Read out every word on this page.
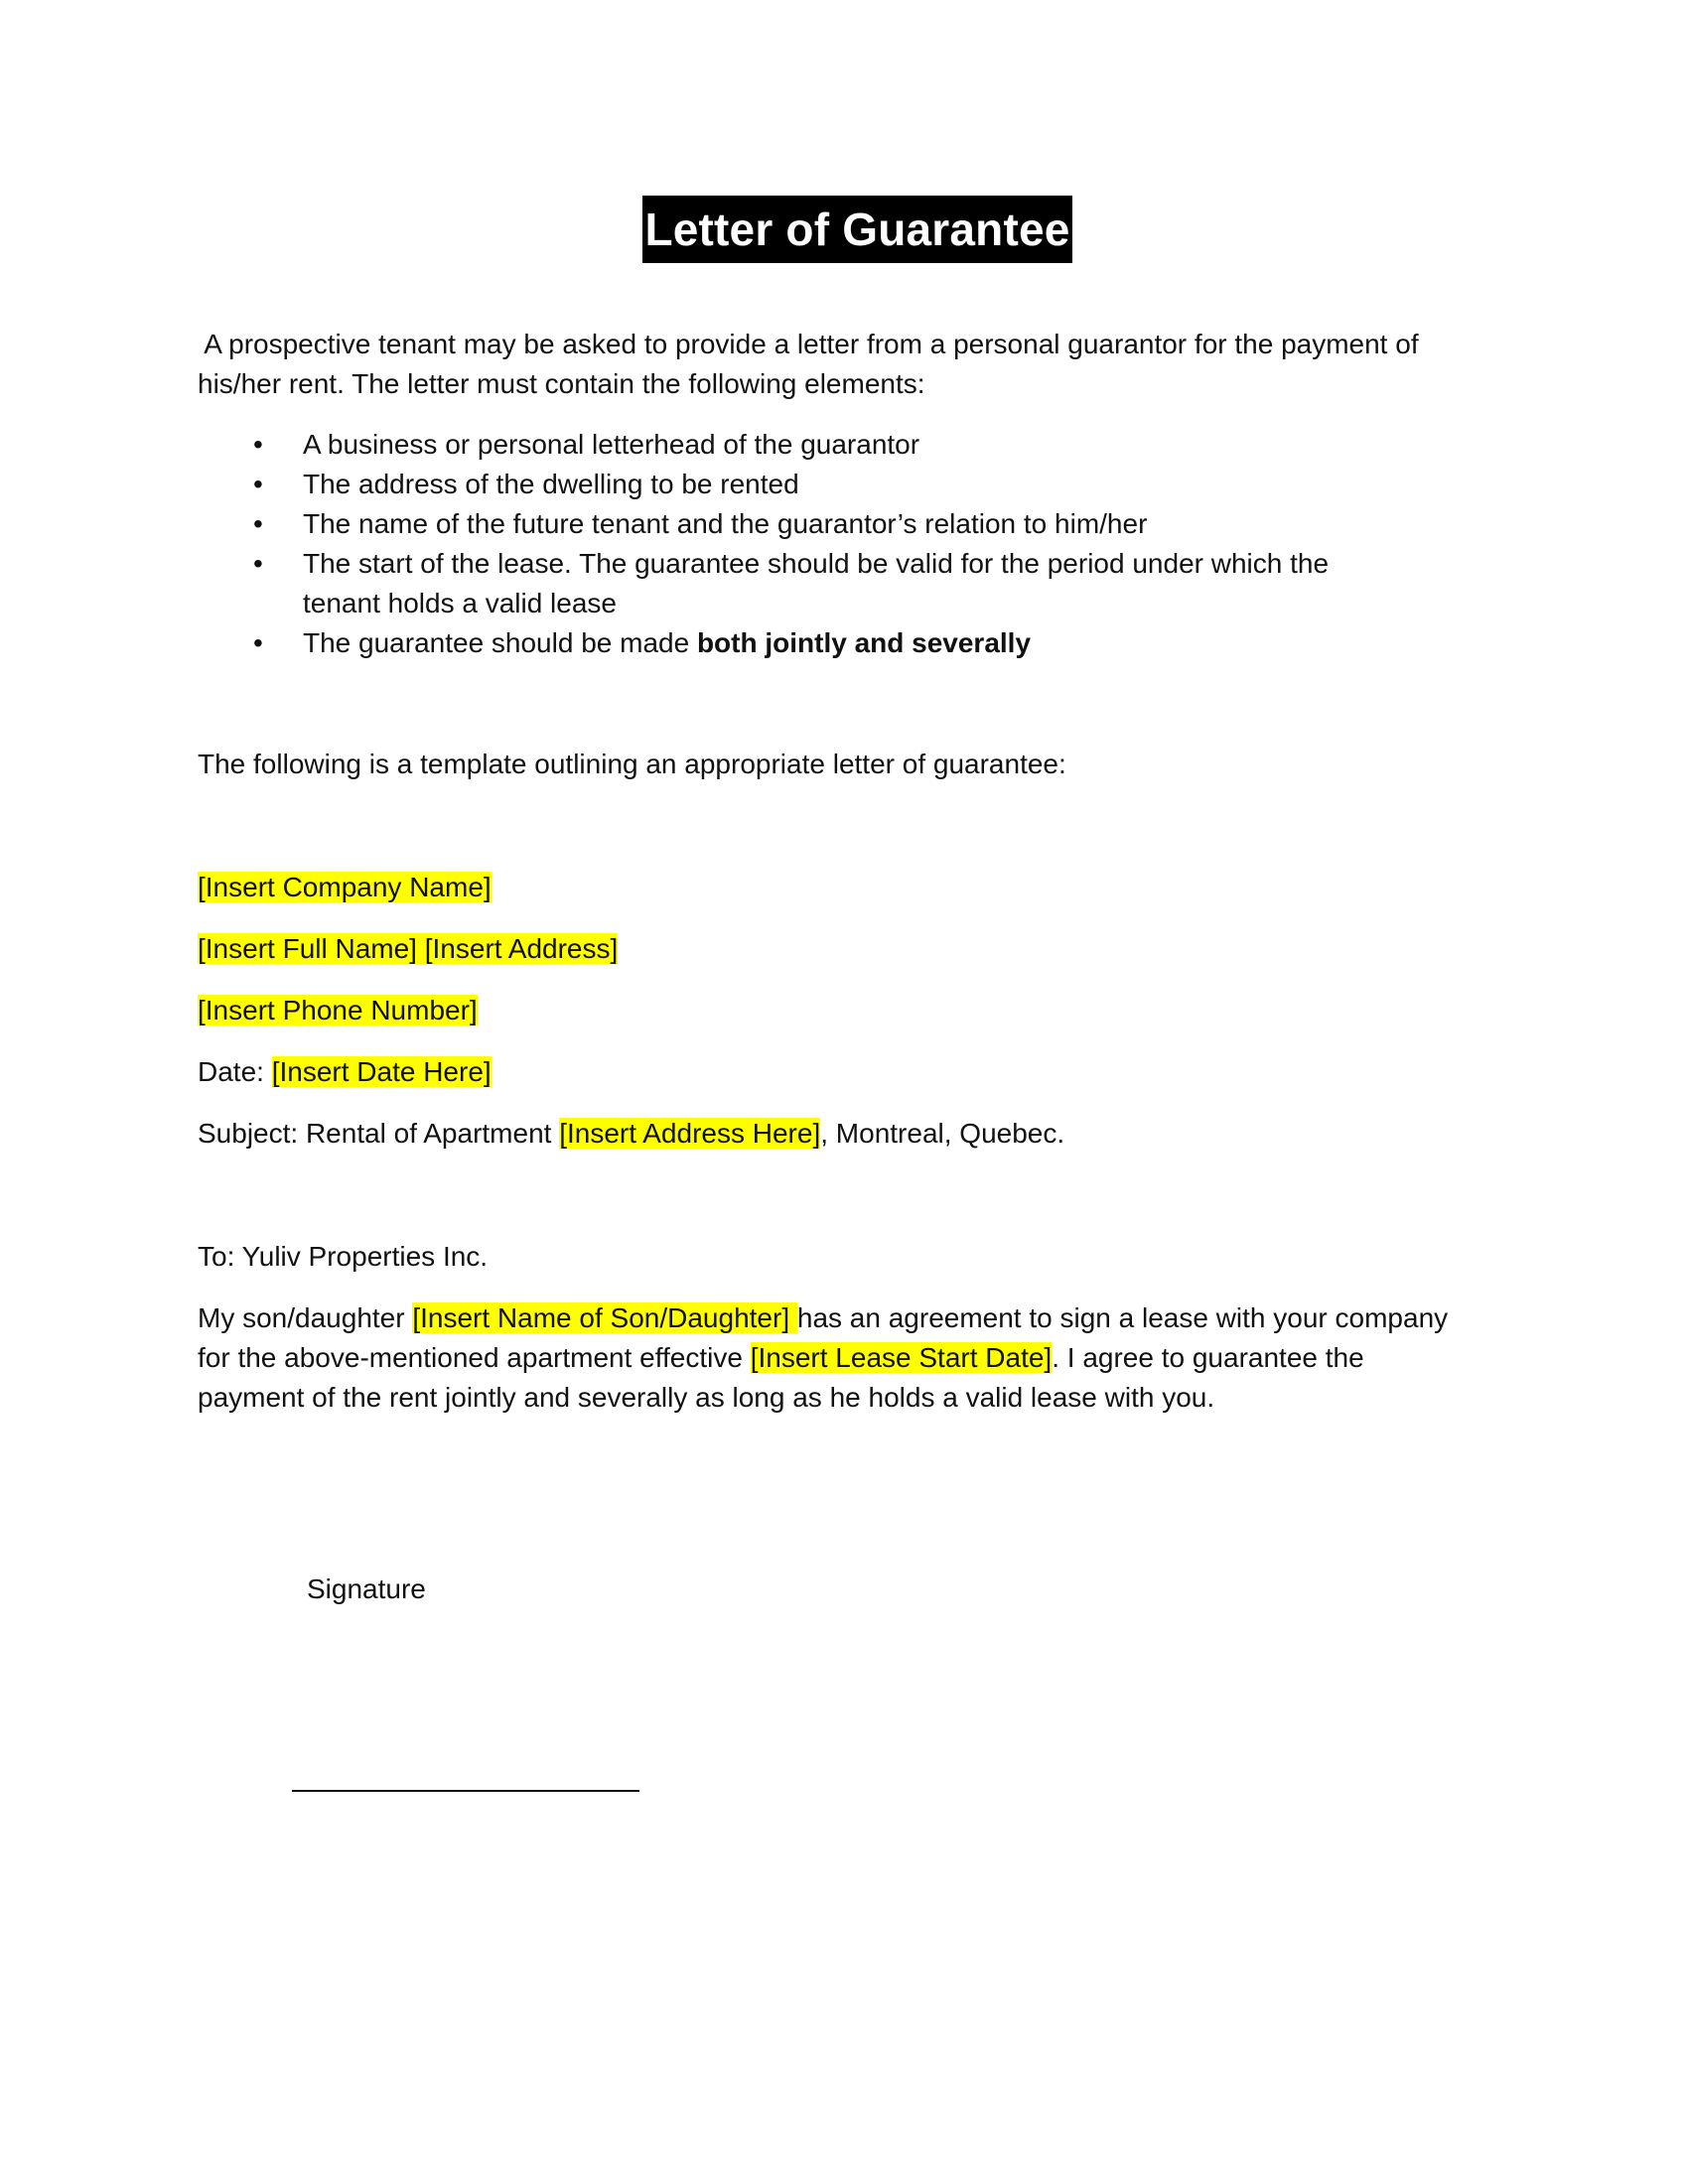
Letter of Guarantee
A prospective tenant may be asked to provide a letter from a personal guarantor for the payment of
his/her rent. The letter must contain the following elements:
• A business or personal letterhead of the guarantor
• The address of the dwelling to be rented
• The name of the future tenant and the guarantor’s relation to him/her
• The start of the lease. The guarantee should be valid for the period under which the
tenant holds a valid lease
• The guarantee should be made both jointly and severally
The following is a template outlining an appropriate letter of guarantee:
[Insert Company Name]
[Insert Full Name] [Insert Address]
[Insert Phone Number]
Date: [Insert Date Here]
Subject: Rental of Apartment [Insert Address Here], Montreal, Quebec.
To: Yuliv Properties Inc.
My son/daughter [Insert Name of Son/Daughter] has an agreement to sign a lease with your company
for the above-mentioned apartment effective [Insert Lease Start Date]. I agree to guarantee the
payment of the rent jointly and severally as long as he holds a valid lease with you.
Signature
